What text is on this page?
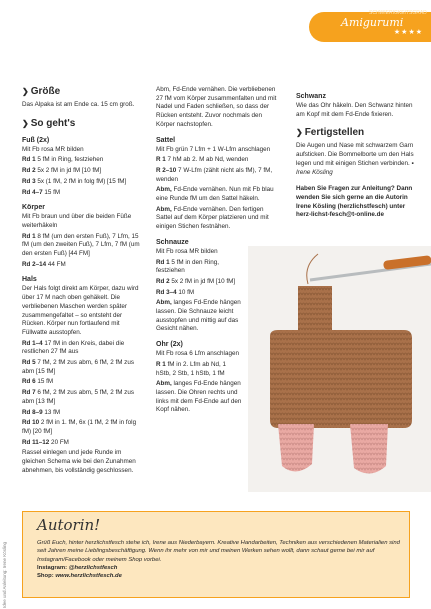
SCHWIERIGKEITSGRAD
Amigurumi
★★★★
Idee und Anleitung: Irene Kösling
❯ Größe

Das Alpaka ist am Ende ca. 15 cm groß.

❯ So geht's
Fuß (2x)

Mit Fb rosa MR bilden

Rd 1 5 fM in Ring, festziehen

Rd 2 5x 2 fM in jd fM [10 fM]

Rd 3 5x (1 fM, 2 fM in folg fM) [15 fM]

Rd 4–7 15 fM

Körper

Mit Fb braun und über die beiden Füße weiterhäkeln

Rd 1 8 fM (um den ersten Fuß), 7 Lfm, 15 fM (um den zweiten Fuß), 7 Lfm, 7 fM (um den ersten Fuß) [44 FM]

Rd 2–14 44 FM

Hals

Der Hals folgt direkt am Körper, dazu wird über 17 M nach oben gehäkelt. Die verbliebenen Maschen werden später zusammengefaltet – so entsteht der Rücken. Körper nun fortlaufend mit Füllwatte ausstopfen.

Rd 1–4 17 fM in den Kreis, dabei die restlichen 27 fM aus

Rd 5 7 fM, 2 fM zus abm, 6 fM, 2 fM zus abm [15 fM]

Rd 6 15 fM

Rd 7 6 fM, 2 fM zus abm, 5 fM, 2 fM zus abm [13 fM]

Rd 8–9 13 fM

Rd 10 2 fM in 1. fM, 6x (1 fM, 2 fM in folg fM) [20 fM]

Rd 11–12 20 FM

Rassel einlegen und jede Runde im gleichen Schema wie bei den Zunahmen abnehmen, bis vollständig geschlossen.

Abm, Fd-Ende vernähen. Die verbliebenen 27 fM vom Körper zusammenfalten und mit Nadel und Faden schließen, so dass der Rücken entsteht. Zuvor nochmals den Körper nachstopfen.

Sattel

Mit Fb grün 7 Lfm + 1 W-Lfm anschlagen

R 1 7 hM ab 2. M ab Nd, wenden

R 2–10 7 W-Lfm (zählt nicht als fM), 7 fM, wenden

Abm, Fd-Ende vernähen. Nun mit Fb blau eine Runde fM um den Sattel häkeln.

Abm, Fd-Ende vernähen. Den fertigen Sattel auf dem Körper platzieren und mit einigen Stichen festnähen.

Schnauze

Mit Fb rosa MR bilden

Rd 1 5 fM in den Ring, festziehen

Rd 2 5x 2 fM in jd fM [10 fM]

Rd 3–4 10 fM

Abm, langes Fd-Ende hängen lassen. Die Schnauze leicht ausstopfen und mittig auf das Gesicht nähen.

Ohr (2x)

Mit Fb rosa 6 Lfm anschlagen

R 1 fM in 2. Lfm ab Nd, 1 hStb, 2 Stb, 1 hStb, 1 fM

Abm, langes Fd-Ende hängen lassen. Die Ohren rechts und links mit dem Fd-Ende auf den Kopf nähen.

Schwanz

Wie das Ohr häkeln. Den Schwanz hinten am Kopf mit dem Fd-Ende fixieren.

❯ Fertigstellen

Die Augen und Nase mit schwarzem Garn aufsticken. Die Bommelborte um den Hals legen und mit einigen Stichen verbinden. ▪ Irene Kösling

Haben Sie Fragen zur Anleitung? Dann wenden Sie sich gerne an die Autorin Irene Kösling (herzlichstfesch) unter herz-lichst-fesch@t-online.de

Autorin!
Grüß Euch, hinter herzlichstfesch stehe ich, Irene aus Niederbayern. Kreative Handarbeiten, Techniken aus verschiedenen Materialien sind seit Jahren meine Lieblingsbeschäftigung. Wenn ihr mehr von mir und meinen Werken sehen wollt, dann schaut gerne bei mir auf Instagram/Facebook oder meinem Shop vorbei.
Instagram: @herzlichstfesch
Shop: www.herzlichstfesch.de
